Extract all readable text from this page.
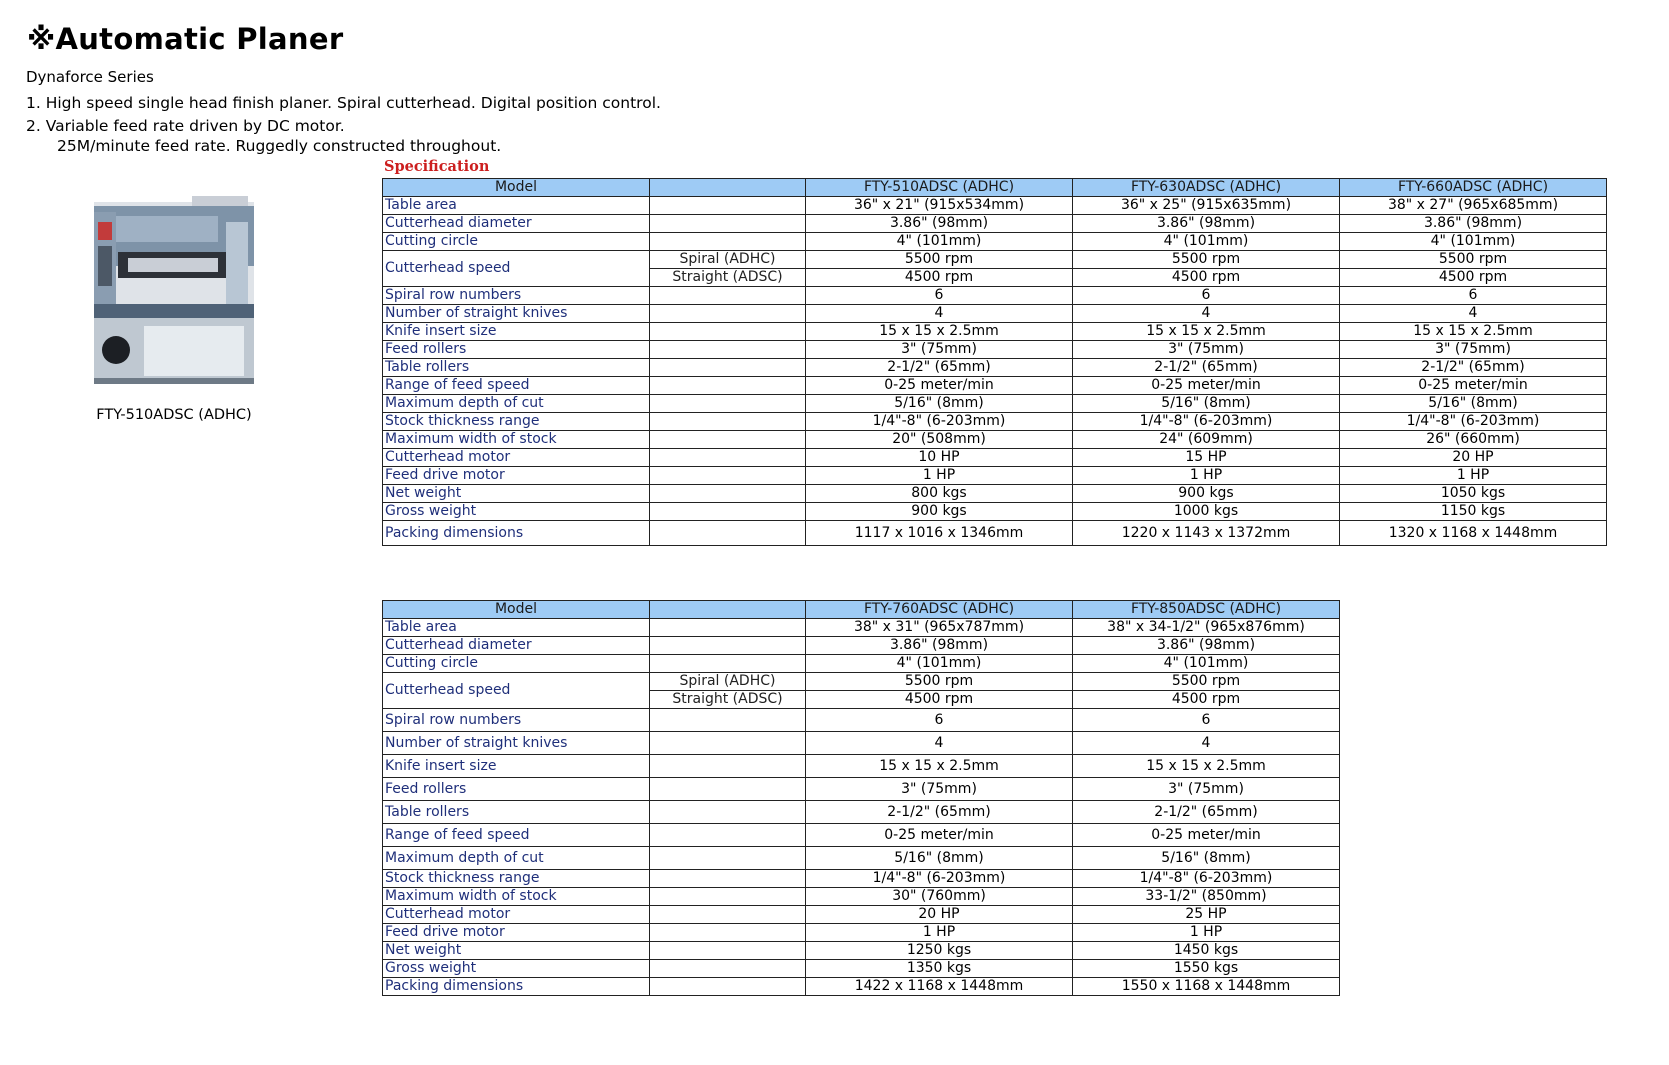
※Automatic Planer
Dynaforce Series
1. High speed single head finish planer. Spiral cutterhead. Digital position control.
2. Variable feed rate driven by DC motor.
25M/minute feed rate. Ruggedly constructed throughout.
Specification
FTY-510ADSC (ADHC)
Model		FTY-510ADSC (ADHC)	FTY-630ADSC (ADHC)	FTY-660ADSC (ADHC)
Table area		36" x 21" (915x534mm)	36" x 25" (915x635mm)	38" x 27" (965x685mm)
Cutterhead diameter		3.86" (98mm)	3.86" (98mm)	3.86" (98mm)
Cutting circle		4" (101mm)	4" (101mm)	4" (101mm)
Cutterhead speed	Spiral (ADHC)	5500 rpm	5500 rpm	5500 rpm
	Straight (ADSC)	4500 rpm	4500 rpm	4500 rpm
Spiral row numbers		6	6	6
Number of straight knives		4	4	4
Knife insert size		15 x 15 x 2.5mm	15 x 15 x 2.5mm	15 x 15 x 2.5mm
Feed rollers		3" (75mm)	3" (75mm)	3" (75mm)
Table rollers		2-1/2" (65mm)	2-1/2" (65mm)	2-1/2" (65mm)
Range of feed speed		0-25 meter/min	0-25 meter/min	0-25 meter/min
Maximum depth of cut		5/16" (8mm)	5/16" (8mm)	5/16" (8mm)
Stock thickness range		1/4"-8" (6-203mm)	1/4"-8" (6-203mm)	1/4"-8" (6-203mm)
Maximum width of stock		20" (508mm)	24" (609mm)	26" (660mm)
Cutterhead motor		10 HP	15 HP	20 HP
Feed drive motor		1 HP	1 HP	1 HP
Net weight		800 kgs	900 kgs	1050 kgs
Gross weight		900 kgs	1000 kgs	1150 kgs
Packing dimensions		1117 x 1016 x 1346mm	1220 x 1143 x 1372mm	1320 x 1168 x 1448mm
Model		FTY-760ADSC (ADHC)	FTY-850ADSC (ADHC)
Table area		38" x 31" (965x787mm)	38" x 34-1/2" (965x876mm)
Cutterhead diameter		3.86" (98mm)	3.86" (98mm)
Cutting circle		4" (101mm)	4" (101mm)
Cutterhead speed	Spiral (ADHC)	5500 rpm	5500 rpm
	Straight (ADSC)	4500 rpm	4500 rpm
Spiral row numbers		6	6
Number of straight knives		4	4
Knife insert size		15 x 15 x 2.5mm	15 x 15 x 2.5mm
Feed rollers		3" (75mm)	3" (75mm)
Table rollers		2-1/2" (65mm)	2-1/2" (65mm)
Range of feed speed		0-25 meter/min	0-25 meter/min
Maximum depth of cut		5/16" (8mm)	5/16" (8mm)
Stock thickness range		1/4"-8" (6-203mm)	1/4"-8" (6-203mm)
Maximum width of stock		30" (760mm)	33-1/2" (850mm)
Cutterhead motor		20 HP	25 HP
Feed drive motor		1 HP	1 HP
Net weight		1250 kgs	1450 kgs
Gross weight		1350 kgs	1550 kgs
Packing dimensions		1422 x 1168 x 1448mm	1550 x 1168 x 1448mm
